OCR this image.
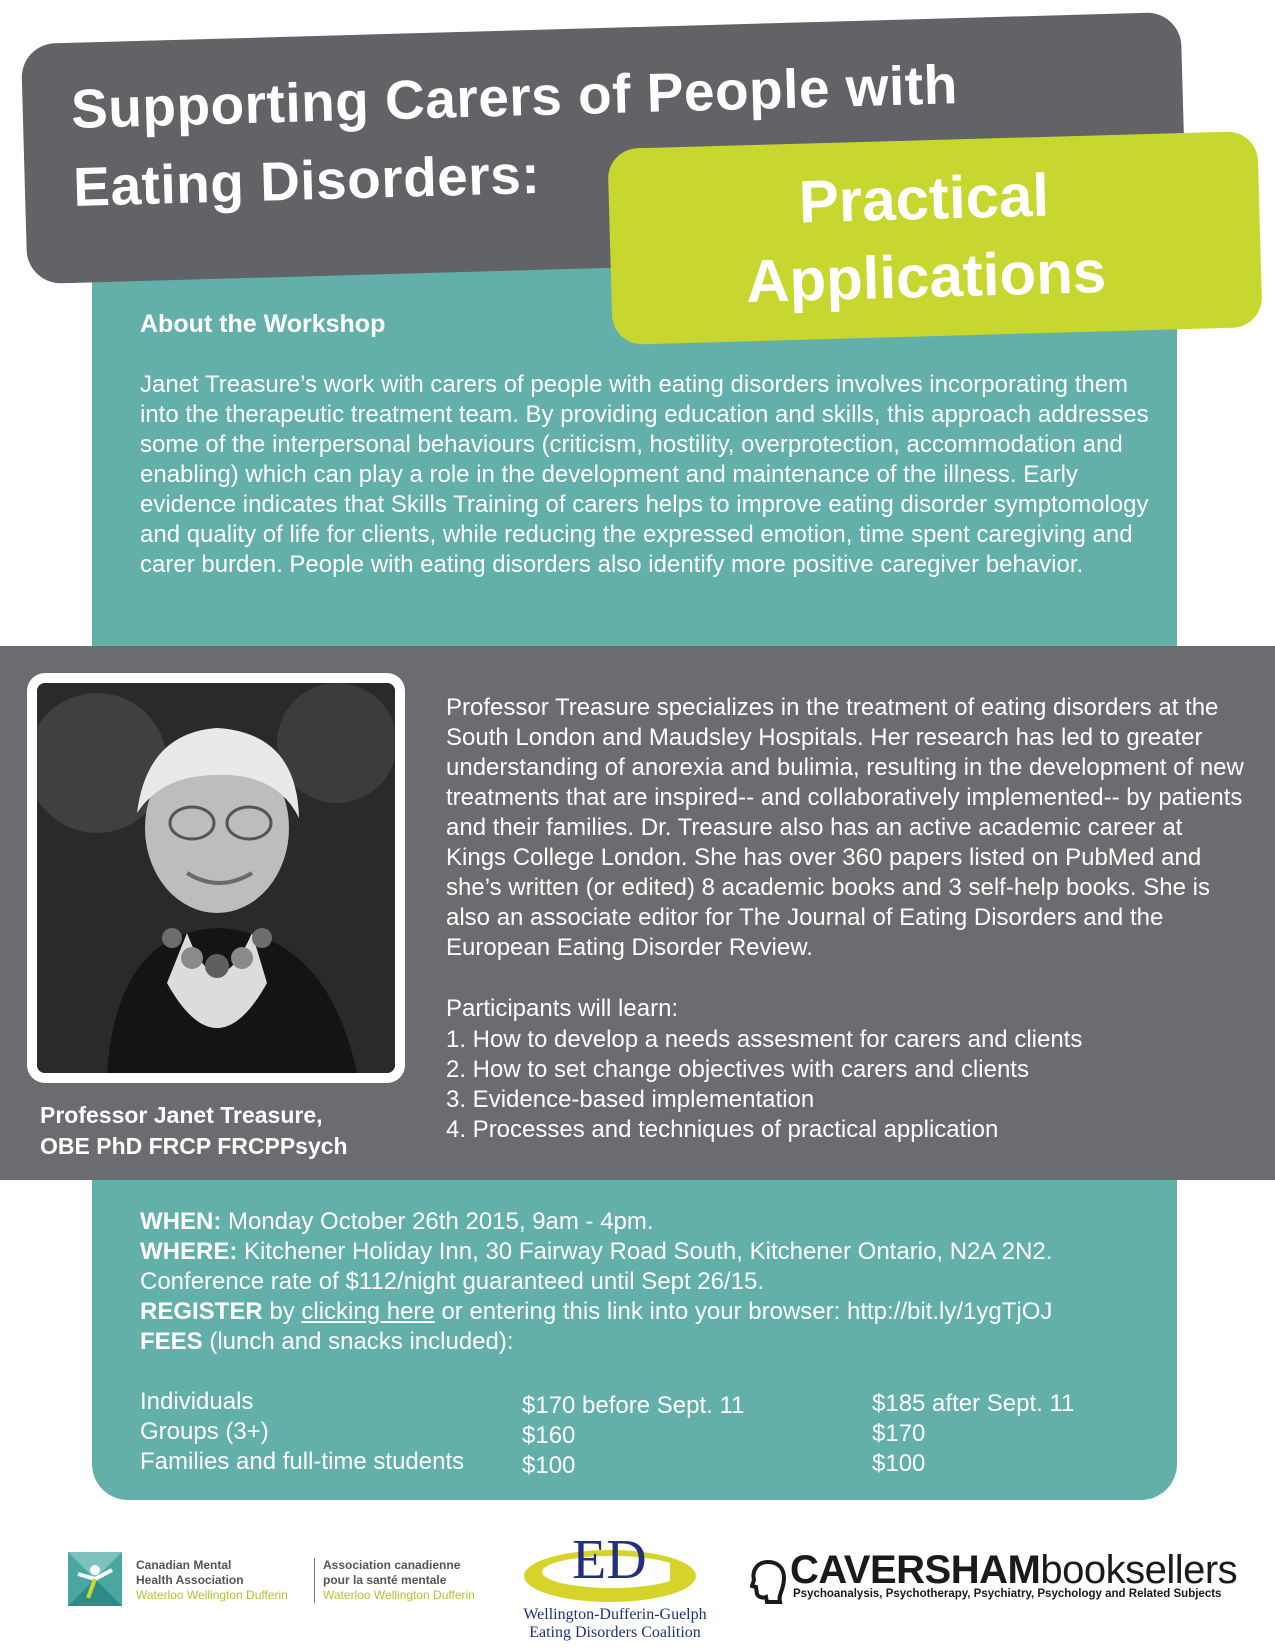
Supporting Carers of People with
Eating Disorders:	Practical
Applications
About the Workshop
Janet Treasure’s work with carers of people with eating disorders involves incorporating them into the therapeutic treatment team. By providing education and skills, this approach addresses some of the interpersonal behaviours (criticism, hostility, overprotection, accommodation and enabling) which can play a role in the development and maintenance of the illness. Early evidence indicates that Skills Training of carers helps to improve eating disorder symptomology and quality of life for clients, while reducing the expressed emotion, time spent caregiving and carer burden. People with eating disorders also identify more positive caregiver behavior.
Professor Janet Treasure,
OBE PhD FRCP FRCPPsych
Professor Treasure specializes in the treatment of eating disorders at the South London and Maudsley Hospitals. Her research has led to greater understanding of anorexia and bulimia, resulting in the development of new treatments that are inspired-- and collaboratively implemented-- by patients and their families. Dr. Treasure also has an active academic career at Kings College London. She has over 360 papers listed on PubMed and she’s written (or edited) 8 academic books and 3 self-help books. She is also an associate editor for The Journal of Eating Disorders and the European Eating Disorder Review.
Participants will learn:
1. How to develop a needs assesment for carers and clients
2. How to set change objectives with carers and clients
3. Evidence-based implementation
4. Processes and techniques of practical application
WHEN: Monday October 26th 2015, 9am - 4pm.
WHERE: Kitchener Holiday Inn, 30 Fairway Road South, Kitchener Ontario, N2A 2N2.
Conference rate of $112/night guaranteed until Sept 26/15.
REGISTER by clicking here or entering this link into your browser: http://bit.ly/1ygTjOJ
FEES (lunch and snacks included):
Individuals	$170 before Sept. 11	$185 after Sept. 11
Groups (3+)	$160	$170
Families and full-time students $100	$100
Canadian Mental
Health Association
Waterloo Wellington Dufferin
Association canadienne
pour la santé mentale
Waterloo Wellington Dufferin
ED
Wellington-Dufferin-Guelph
Eating Disorders Coalition
CAVERSHAMbooksellers
Psychoanalysis, Psychotherapy, Psychiatry, Psychology and Related Subjects
